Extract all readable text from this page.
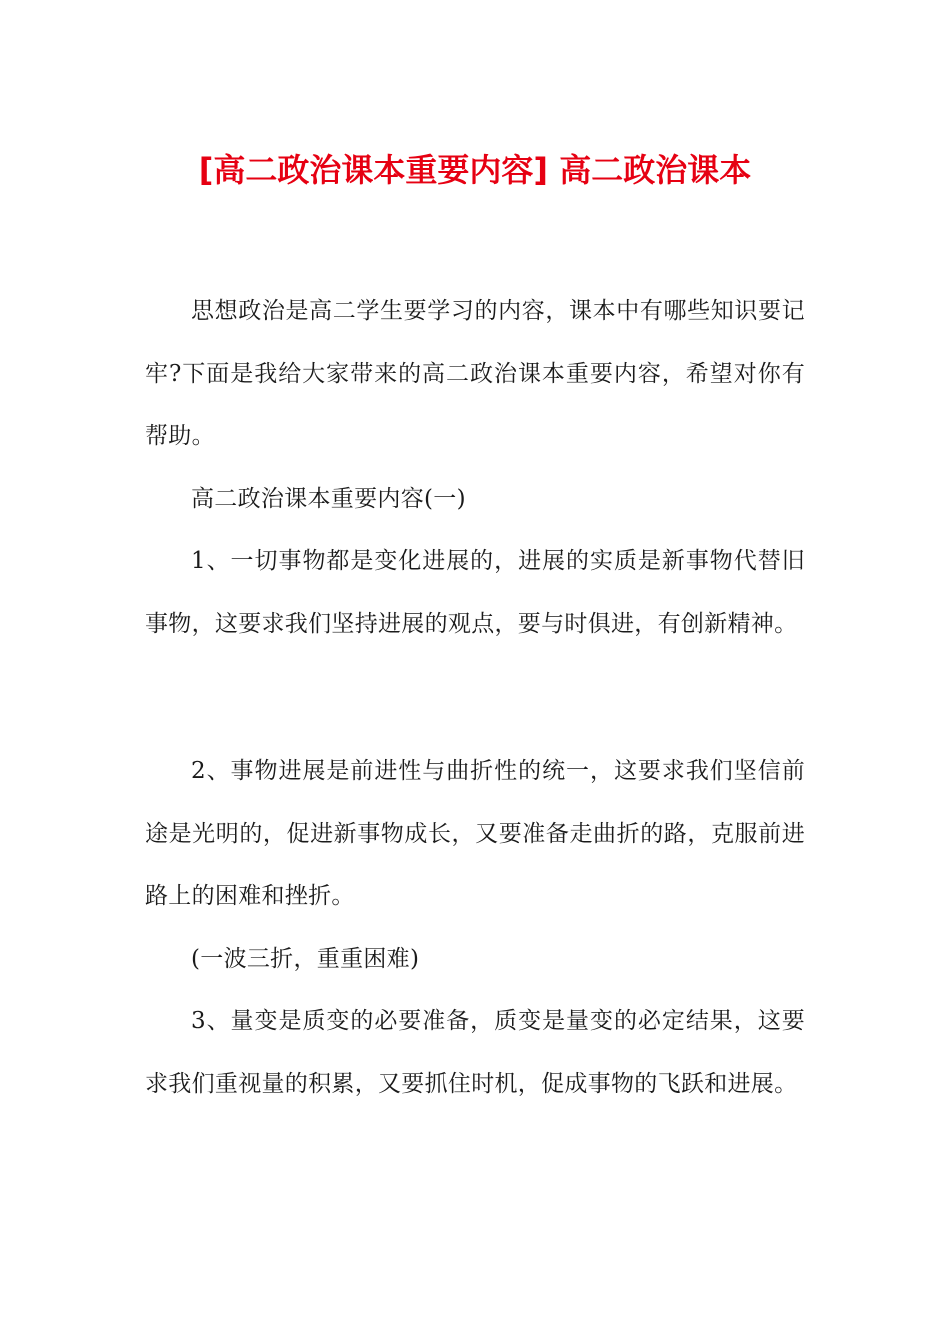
[高二政治课本重要内容] 高二政治课本

思想政治是高二学生要学习的内容，课本中有哪些知识要记牢?下面是我给大家带来的高二政治课本重要内容，希望对你有帮助。

高二政治课本重要内容(一)

1、一切事物都是变化进展的，进展的实质是新事物代替旧事物，这要求我们坚持进展的观点，要与时俱进，有创新精神。

2、事物进展是前进性与曲折性的统一，这要求我们坚信前途是光明的，促进新事物成长，又要准备走曲折的路，克服前进路上的困难和挫折。

(一波三折，重重困难)

3、量变是质变的必要准备，质变是量变的必定结果，这要求我们重视量的积累，又要抓住时机，促成事物的飞跃和进展。
